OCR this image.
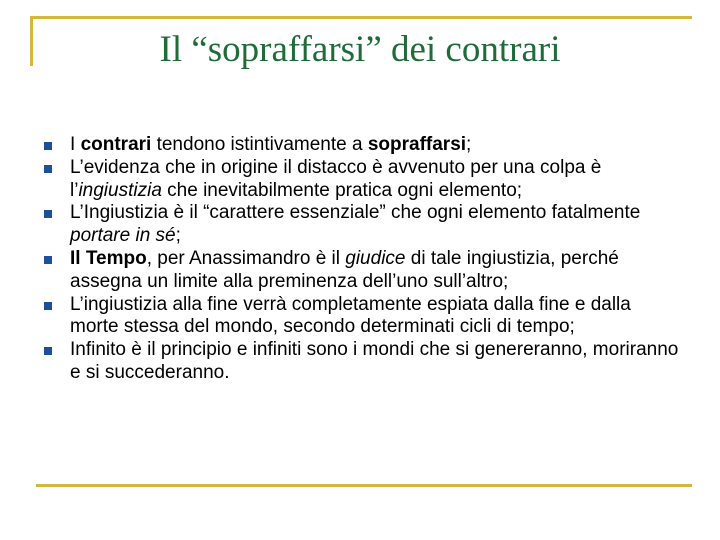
Il “sopraffarsi” dei contrari
I contrari tendono istintivamente a sopraffarsi;
L’evidenza che in origine il distacco è avvenuto per una colpa è l’ingiustizia che inevitabilmente pratica ogni elemento;
L’Ingiustizia è il “carattere essenziale” che ogni elemento fatalmente portare in sé;
Il Tempo, per Anassimandro è il giudice di tale ingiustizia, perché assegna un limite alla preminenza dell’uno sull’altro;
L’ingiustizia alla fine verrà completamente espiata dalla fine e dalla morte stessa del mondo, secondo determinati cicli di tempo;
Infinito è il principio e infiniti sono i mondi che si genereranno, moriranno e si succederanno.
